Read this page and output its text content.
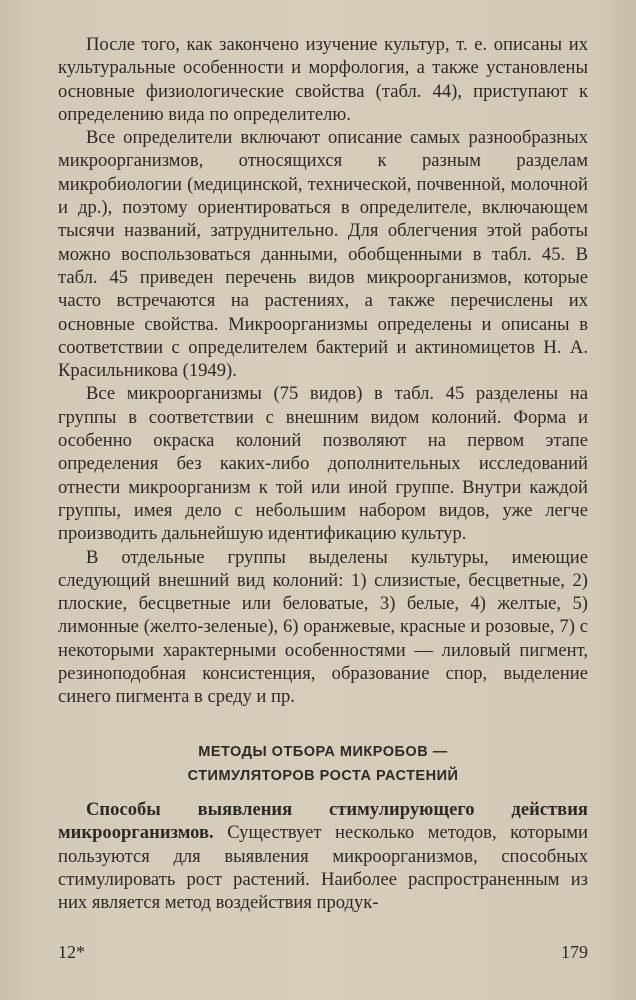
После того, как закончено изучение культур, т. е. описаны их культуральные особенности и морфология, а также установлены основные физиологические свойства (табл. 44), приступают к определению вида по определителю.

Все определители включают описание самых разнообразных микроорганизмов, относящихся к разным разделам микробиологии (медицинской, технической, почвенной, молочной и др.), поэтому ориентироваться в определителе, включающем тысячи названий, затруднительно. Для облегчения этой работы можно воспользоваться данными, обобщенными в табл. 45. В табл. 45 приведен перечень видов микроорганизмов, которые часто встречаются на растениях, а также перечислены их основные свойства. Микроорганизмы определены и описаны в соответствии с определителем бактерий и актиномицетов Н. А. Красильникова (1949).

Все микроорганизмы (75 видов) в табл. 45 разделены на группы в соответствии с внешним видом колоний. Форма и особенно окраска колоний позволяют на первом этапе определения без каких-либо дополнительных исследований отнести микроорганизм к той или иной группе. Внутри каждой группы, имея дело с небольшим набором видов, уже легче производить дальнейшую идентификацию культур.

В отдельные группы выделены культуры, имеющие следующий внешний вид колоний: 1) слизистые, бесцветные, 2) плоские, бесцветные или беловатые, 3) белые, 4) желтые, 5) лимонные (желто-зеленые), 6) оранжевые, красные и розовые, 7) с некоторыми характерными особенностями — лиловый пигмент, резиноподобная консистенция, образование спор, выделение синего пигмента в среду и пр.

МЕТОДЫ ОТБОРА МИКРОБОВ —
СТИМУЛЯТОРОВ РОСТА РАСТЕНИЙ

Способы выявления стимулирующего действия микроорганизмов. Существует несколько методов, которыми пользуются для выявления микроорганизмов, способных стимулировать рост растений. Наиболее распространенным из них является метод воздействия продук-

12*	179
